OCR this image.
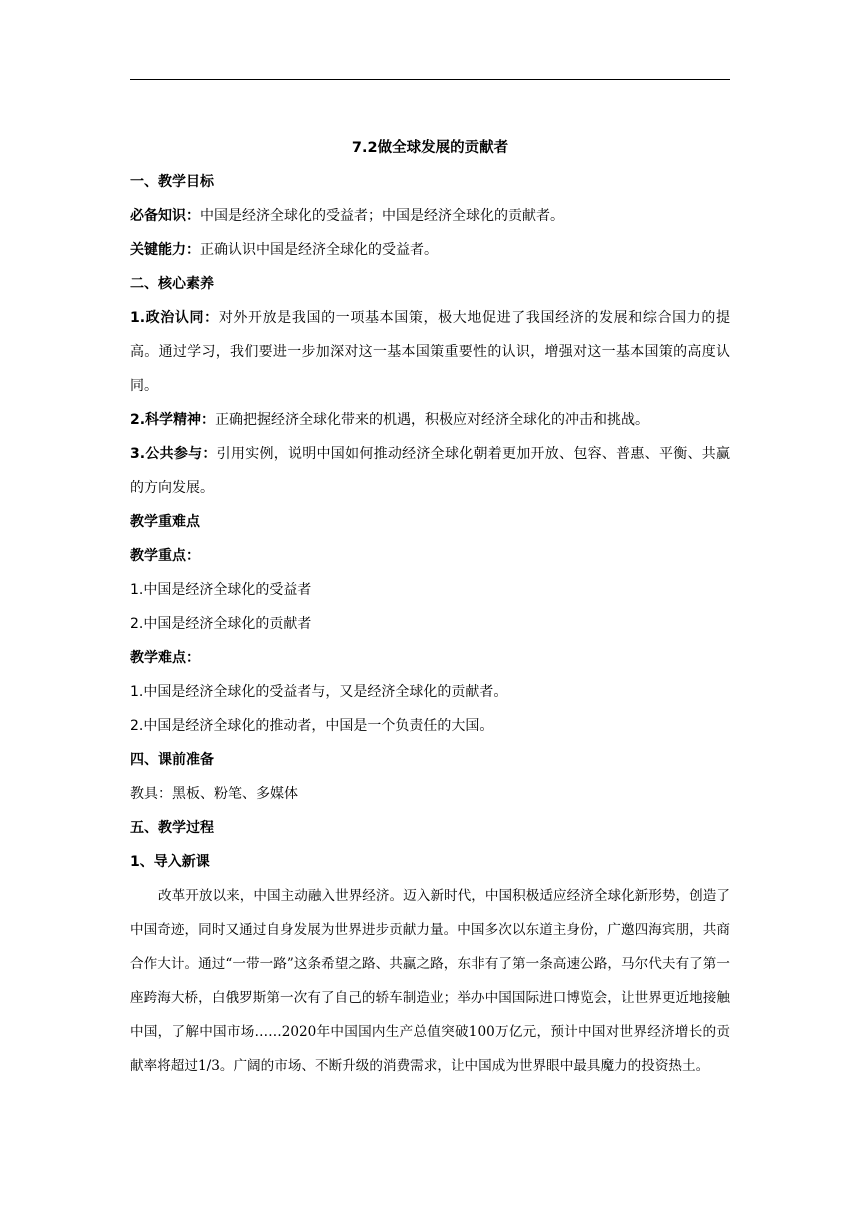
7.2做全球发展的贡献者

一、教学目标

必备知识：中国是经济全球化的受益者；中国是经济全球化的贡献者。

关键能力：正确认识中国是经济全球化的受益者。

二、核心素养

1.政治认同：对外开放是我国的一项基本国策，极大地促进了我国经济的发展和综合国力的提高。通过学习，我们要进一步加深对这一基本国策重要性的认识，增强对这一基本国策的高度认同。

2.科学精神：正确把握经济全球化带来的机遇，积极应对经济全球化的冲击和挑战。

3.公共参与：引用实例，说明中国如何推动经济全球化朝着更加开放、包容、普惠、平衡、共赢的方向发展。

教学重难点

教学重点：

1.中国是经济全球化的受益者

2.中国是经济全球化的贡献者

教学难点：

1.中国是经济全球化的受益者与，又是经济全球化的贡献者。

2.中国是经济全球化的推动者，中国是一个负责任的大国。

四、课前准备

教具：黑板、粉笔、多媒体

五、教学过程

1、导入新课

改革开放以来，中国主动融入世界经济。迈入新时代，中国积极适应经济全球化新形势，创造了中国奇迹，同时又通过自身发展为世界进步贡献力量。中国多次以东道主身份，广邀四海宾朋，共商合作大计。通过“一带一路”这条希望之路、共赢之路，东非有了第一条高速公路，马尔代夫有了第一座跨海大桥，白俄罗斯第一次有了自己的轿车制造业；举办中国国际进口博览会，让世界更近地接触中国，了解中国市场……2020年中国国内生产总值突破100万亿元，预计中国对世界经济增长的贡献率将超过1/3。广阔的市场、不断升级的消费需求，让中国成为世界眼中最具魔力的投资热土。
